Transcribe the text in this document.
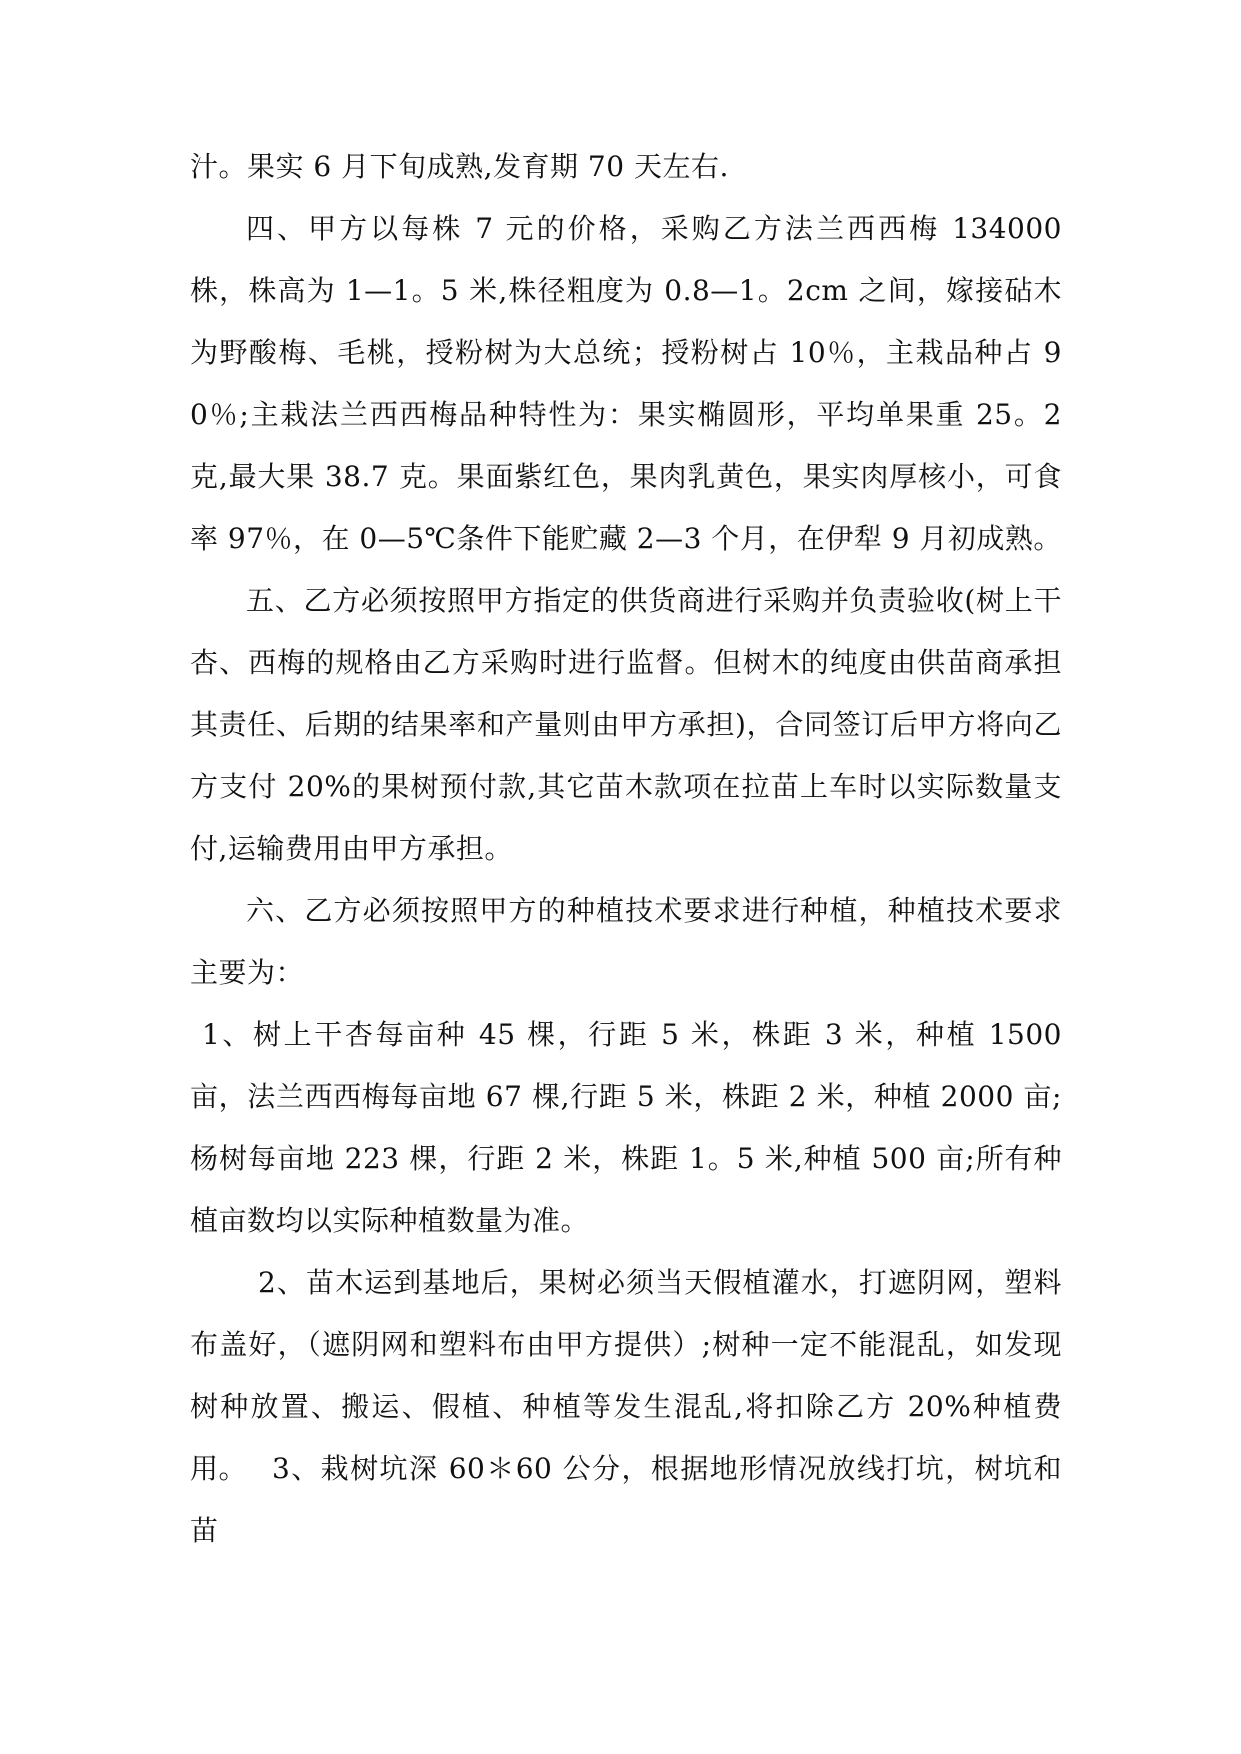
汁。果实 6 月下旬成熟,发育期 70 天左右.

四、甲方以每株 7 元的价格，采购乙方法兰西西梅 134000 株，株高为 1—1。5 米,株径粗度为 0.8—1。2cm 之间，嫁接砧木为野酸梅、毛桃，授粉树为大总统；授粉树占 10％，主栽品种占 90％;主栽法兰西西梅品种特性为：果实椭圆形，平均单果重 25。2 克,最大果 38.7 克。果面紫红色，果肉乳黄色，果实肉厚核小，可食率 97％，在 0—5℃条件下能贮藏 2—3 个月，在伊犁 9 月初成熟。

五、乙方必须按照甲方指定的供货商进行采购并负责验收(树上干杏、西梅的规格由乙方采购时进行监督。但树木的纯度由供苗商承担其责任、后期的结果率和产量则由甲方承担)，合同签订后甲方将向乙方支付 20%的果树预付款,其它苗木款项在拉苗上车时以实际数量支付,运输费用由甲方承担。

六、乙方必须按照甲方的种植技术要求进行种植，种植技术要求主要为：

1、树上干杏每亩种 45 棵，行距 5 米，株距 3 米，种植 1500 亩，法兰西西梅每亩地 67 棵,行距 5 米，株距 2 米，种植 2000 亩;杨树每亩地 223 棵，行距 2 米，株距 1。5 米,种植 500 亩;所有种植亩数均以实际种植数量为准。

2、苗木运到基地后，果树必须当天假植灌水，打遮阴网，塑料布盖好，（遮阴网和塑料布由甲方提供）;树种一定不能混乱，如发现树种放置、搬运、假植、种植等发生混乱,将扣除乙方 20%种植费用。 3、栽树坑深 60＊60 公分，根据地形情况放线打坑，树坑和苗
